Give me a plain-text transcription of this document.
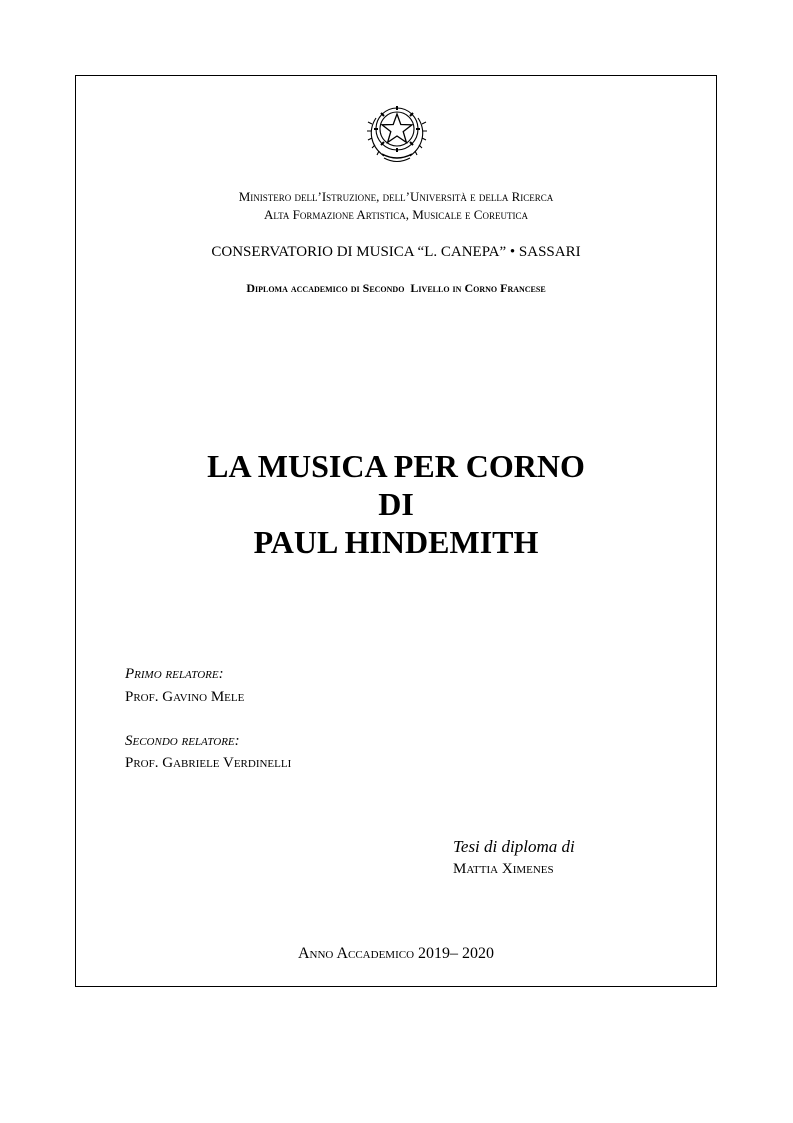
Ministero dell’Istruzione, dell’Università e della Ricerca
Alta Formazione Artistica, Musicale e Coreutica
CONSERVATORIO DI MUSICA “L. CANEPA” • SASSARI
Diploma accademico di Secondo  Livello in Corno Francese
LA MUSICA PER CORNO
DI
PAUL HINDEMITH
Primo relatore:
Prof. Gavino Mele
Secondo relatore:
Prof. Gabriele Verdinelli
Tesi di diploma di
Mattia Ximenes
Anno Accademico 2019– 2020
